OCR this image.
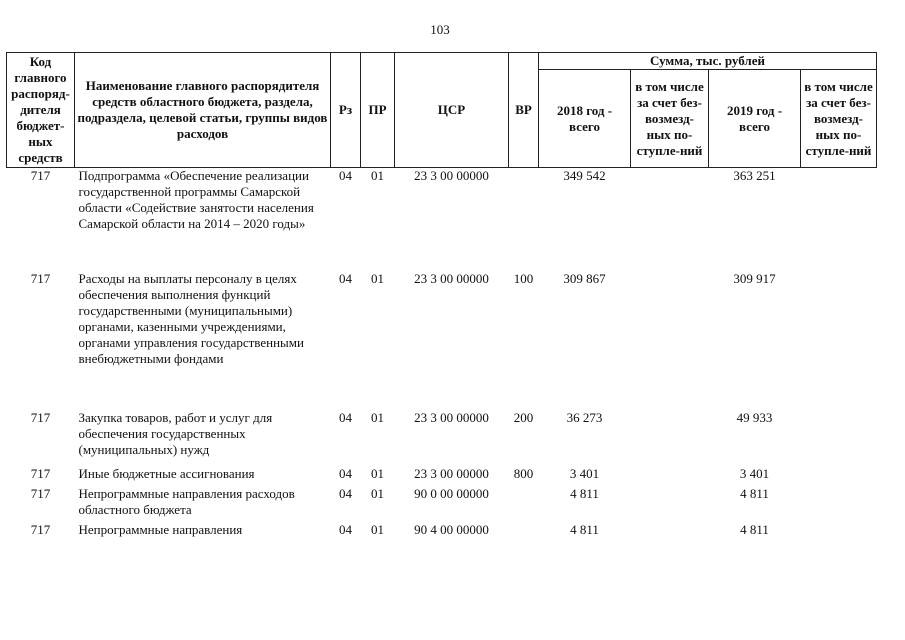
103
Код главного распоряд-дителя бюджет-ных средств	Наименование главного распорядителя средств областного бюджета, раздела, подраздела, целевой статьи, группы видов расходов	Рз	ПР	ЦСР	ВР	Сумма, тыс. рублей			
						2018 год - всего	в том числе за счет без-возмезд-ных по-ступле-ний	2019 год - всего	в том числе за счет без-возмезд-ных по-ступле-ний
717	Подпрограмма «Обеспечение реализации государственной программы Самарской области «Содействие занятости населения Самарской области на 2014 – 2020 годы»	04	01	23 3 00 00000		349 542		363 251	
717	Расходы на выплаты персоналу в целях обеспечения выполнения функций государственными (муниципальными) органами, казенными учреждениями, органами управления государственными внебюджетными фондами	04	01	23 3 00 00000	100	309 867		309 917	
717	Закупка товаров, работ и услуг для обеспечения государственных (муниципальных) нужд	04	01	23 3 00 00000	200	36 273		49 933	
717	Иные бюджетные ассигнования	04	01	23 3 00 00000	800	3 401		3 401	
717	Непрограммные направления расходов областного бюджета	04	01	90 0 00 00000		4 811		4 811	
717	Непрограммные направления	04	01	90 4 00 00000		4 811		4 811	
